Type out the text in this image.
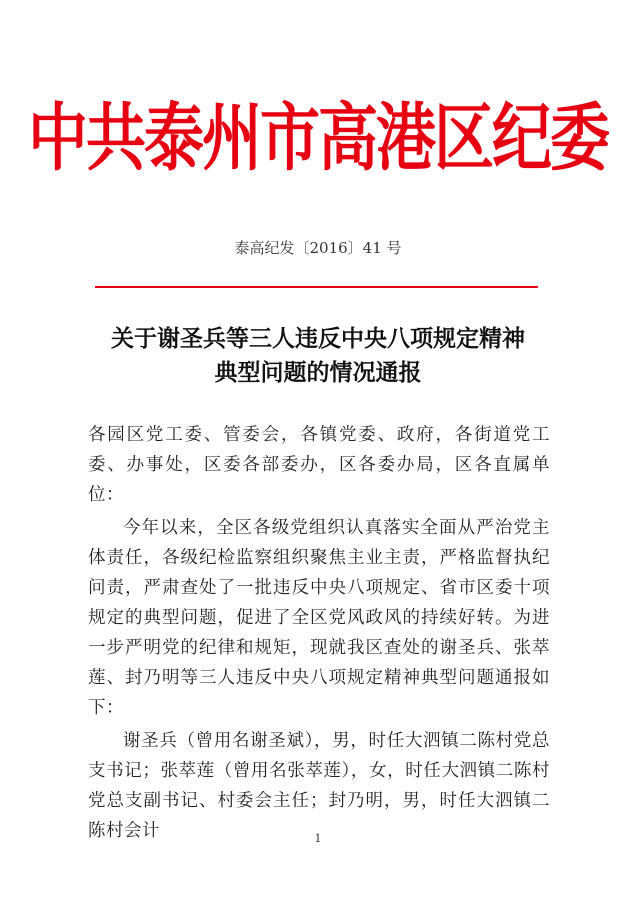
中共泰州市高港区纪委
泰高纪发〔2016〕41 号
关于谢圣兵等三人违反中央八项规定精神
典型问题的情况通报

各园区党工委、管委会，各镇党委、政府，各街道党工委、办事处，区委各部委办，区各委办局，区各直属单位：

今年以来，全区各级党组织认真落实全面从严治党主体责任，各级纪检监察组织聚焦主业主责，严格监督执纪问责，严肃查处了一批违反中央八项规定、省市区委十项规定的典型问题，促进了全区党风政风的持续好转。为进一步严明党的纪律和规矩，现就我区查处的谢圣兵、张萃莲、封乃明等三人违反中央八项规定精神典型问题通报如下：

谢圣兵（曾用名谢圣斌），男，时任大泗镇二陈村党总支书记；张萃莲（曾用名张萃莲），女，时任大泗镇二陈村党总支副书记、村委会主任；封乃明，男，时任大泗镇二陈村会计	1
